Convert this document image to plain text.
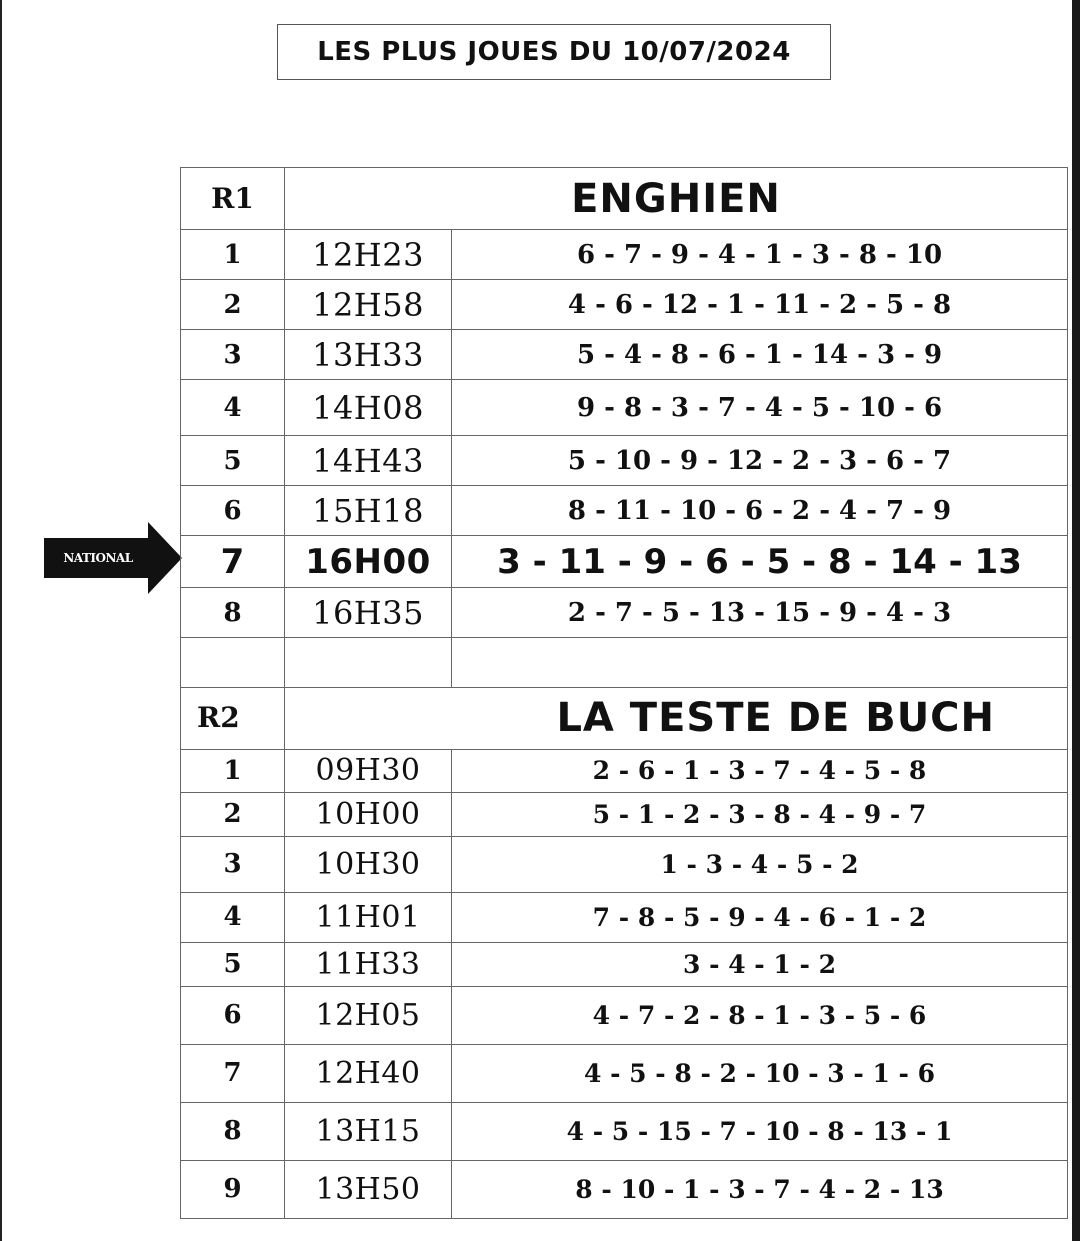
LES PLUS JOUES DU 10/07/2024
NATIONAL
R1	ENGHIEN	
1	12H23	6 - 7 - 9 - 4 - 1 - 3 - 8 - 10
2	12H58	4 - 6 - 12 - 1 - 11 - 2 - 5 - 8
3	13H33	5 - 4 - 8 - 6 - 1 - 14 - 3 - 9
4	14H08	9 - 8 - 3 - 7 - 4 - 5 - 10 - 6
5	14H43	5 - 10 - 9 - 12 - 2 - 3 - 6 - 7
6	15H18	8 - 11 - 10 - 6 - 2 - 4 - 7 - 9
7	16H00	3 - 11 - 9 - 6 - 5 - 8 - 14 - 13
8	16H35	2 - 7 - 5 - 13 - 15 - 9 - 4 - 3

R2	LA TESTE DE BUCH	
1	09H30	2 - 6 - 1 - 3 - 7 - 4 - 5 - 8
2	10H00	5 - 1 - 2 - 3 - 8 - 4 - 9 - 7
3	10H30	1 - 3 - 4 - 5 - 2
4	11H01	7 - 8 - 5 - 9 - 4 - 6 - 1 - 2
5	11H33	3 - 4 - 1 - 2
6	12H05	4 - 7 - 2 - 8 - 1 - 3 - 5 - 6
7	12H40	4 - 5 - 8 - 2 - 10 - 3 - 1 - 6
8	13H15	4 - 5 - 15 - 7 - 10 - 8 - 13 - 1
9	13H50	8 - 10 - 1 - 3 - 7 - 4 - 2 - 13
